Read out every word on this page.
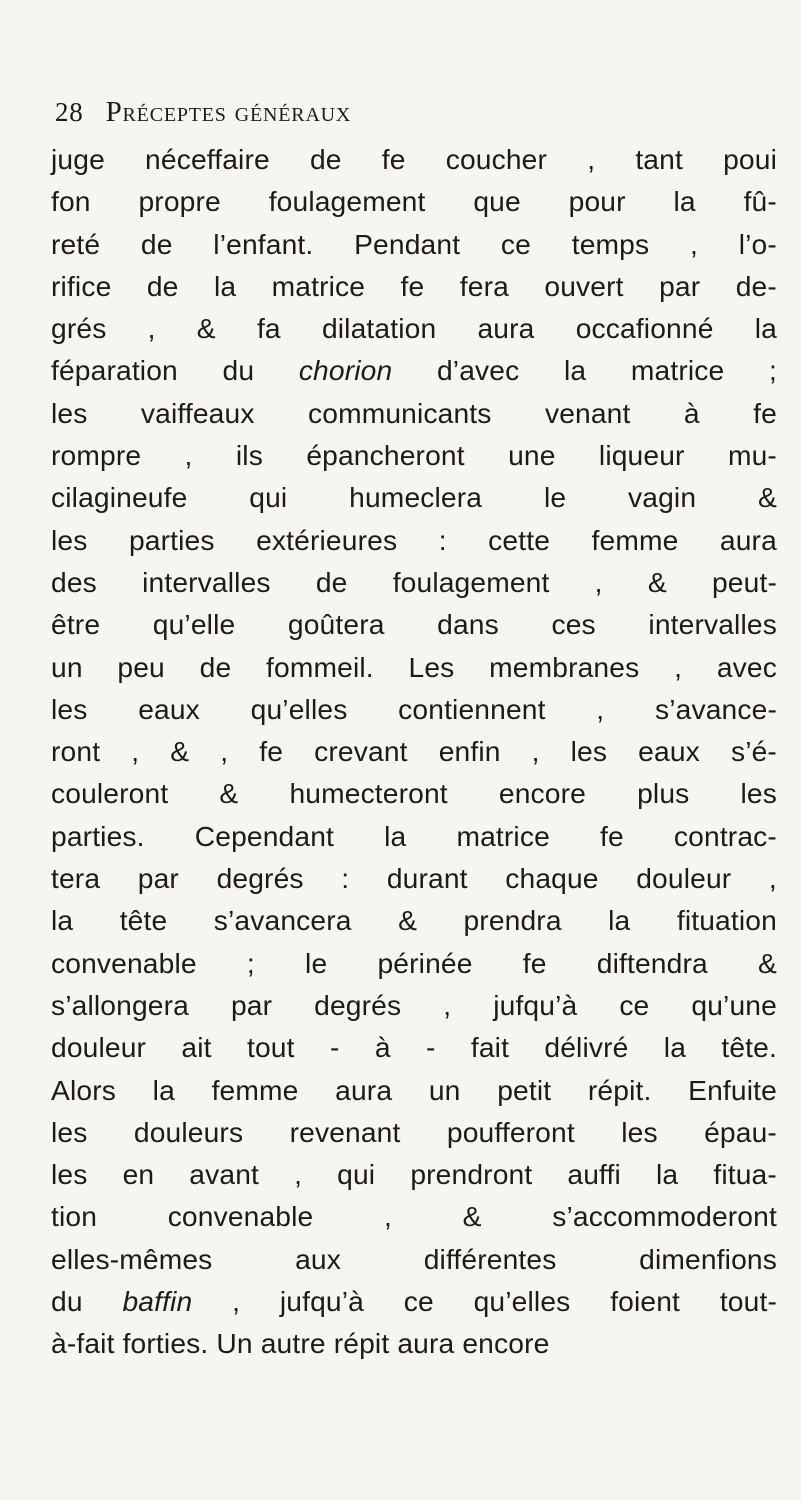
28 Préceptes généraux
juge néceffaire de fe coucher , tant poui
fon propre foulagement que pour la fû-
reté de l’enfant. Pendant ce temps , l’o-
rifice de la matrice fe fera ouvert par de-
grés , & fa dilatation aura occafionné la
féparation du chorion d’avec la matrice ;
les vaiffeaux communicants venant à fe
rompre , ils épancheront une liqueur mu-
cilagineufe qui humeclera le vagin &
les parties extérieures : cette femme aura
des intervalles de foulagement , & peut-
être qu’elle goûtera dans ces intervalles
un peu de fommeil. Les membranes , avec
les eaux qu’elles contiennent , s’avance-
ront , & , fe crevant enfin , les eaux s’é-
couleront & humecteront encore plus les
parties. Cependant la matrice fe contrac-
tera par degrés : durant chaque douleur ,
la tête s’avancera & prendra la fituation
convenable ; le périnée fe diftendra &
s’allongera par degrés , jufqu’à ce qu’une
douleur ait tout - à - fait délivré la tête.
Alors la femme aura un petit répit. Enfuite
les douleurs revenant poufferont les épau-
les en avant , qui prendront auffi la fitua-
tion	convenable	,	&	s’accommoderont
elles-mêmes	aux	différentes	dimenfions
du baffin , jufqu’à ce qu’elles foient tout-
à-fait forties. Un autre répit aura encore
